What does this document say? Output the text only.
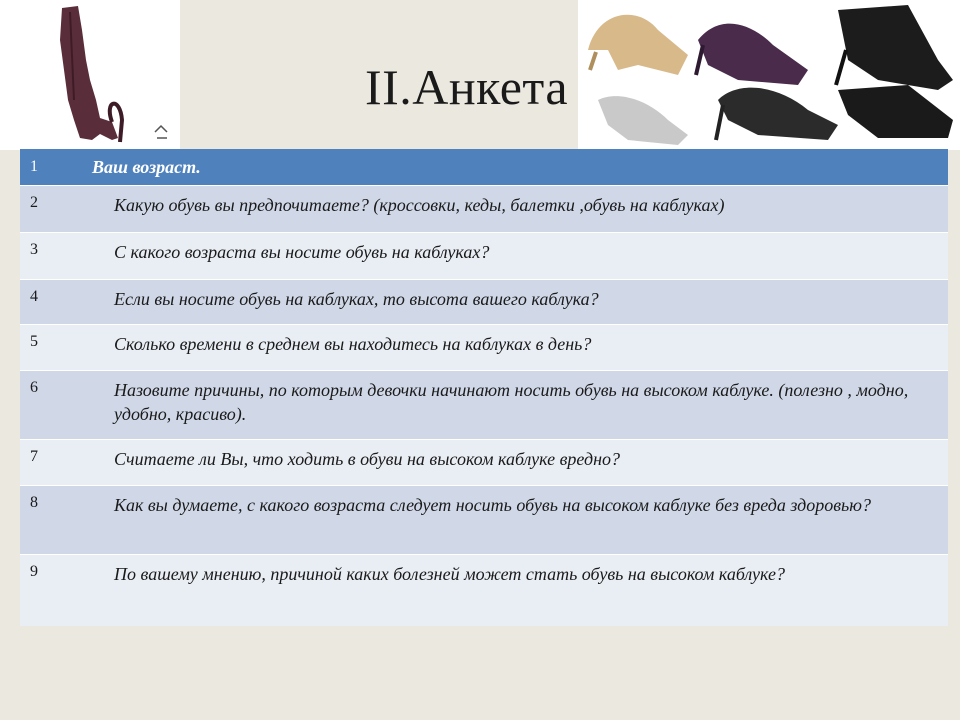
II.Анкета
1	Ваш возраст.
2	Какую обувь вы предпочитаете? (кроссовки, кеды, балетки ,обувь на каблуках)
3	С какого возраста вы носите обувь на каблуках?
4	Если вы носите обувь на каблуках, то высота вашего каблука?
5	Сколько времени в среднем вы находитесь на каблуках в день?
6	Назовите причины, по которым девочки начинают носить обувь на высоком каблуке. (полезно , модно, удобно, красиво).
7	Считаете ли Вы, что ходить в обуви на высоком каблуке вредно?
8	Как вы думаете, с какого возраста следует носить обувь на высоком каблуке без вреда здоровью?
9	По вашему мнению, причиной каких болезней может стать обувь на высоком каблуке?
